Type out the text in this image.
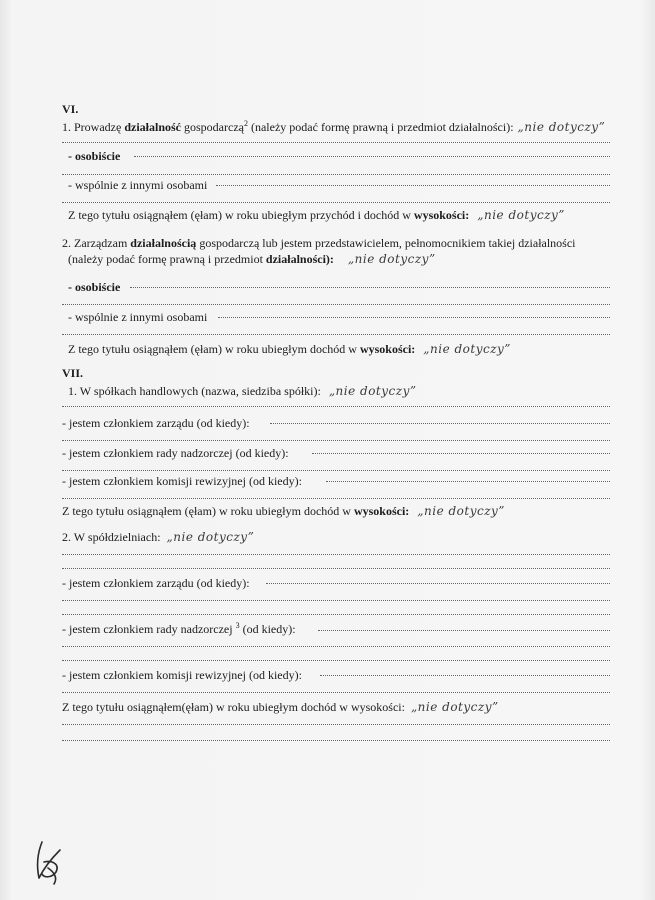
VI.
1. Prowadzę działalność gospodarczą$^2$ (należy podać formę prawną i przedmiot działalności): „nie dotyczy”
- osobiście
- wspólnie z innymi osobami
Z tego tytułu osiągnąłem (ęłam) w roku ubiegłym przychód i dochód w wysokości: „nie dotyczy”
2. Zarządzam działalnością gospodarczą lub jestem przedstawicielem, pełnomocnikiem takiej działalności
(należy podać formę prawną i przedmiot działalności): „nie dotyczy”
- osobiście
- wspólnie z innymi osobami
Z tego tytułu osiągnąłem (ęłam) w roku ubiegłym dochód w wysokości: „nie dotyczy”
VII.
1. W spółkach handlowych (nazwa, siedziba spółki): „nie dotyczy”
- jestem członkiem zarządu (od kiedy):
- jestem członkiem rady nadzorczej (od kiedy):
- jestem członkiem komisji rewizyjnej (od kiedy):
Z tego tytułu osiągnąłem (ęłam) w roku ubiegłym dochód w wysokości: „nie dotyczy”
2. W spółdzielniach: „nie dotyczy”
- jestem członkiem zarządu (od kiedy):
- jestem członkiem rady nadzorczej $^3$ (od kiedy):
- jestem członkiem komisji rewizyjnej (od kiedy):
Z tego tytułu osiągnąłem(ęłam) w roku ubiegłym dochód w wysokości: „nie dotyczy”
